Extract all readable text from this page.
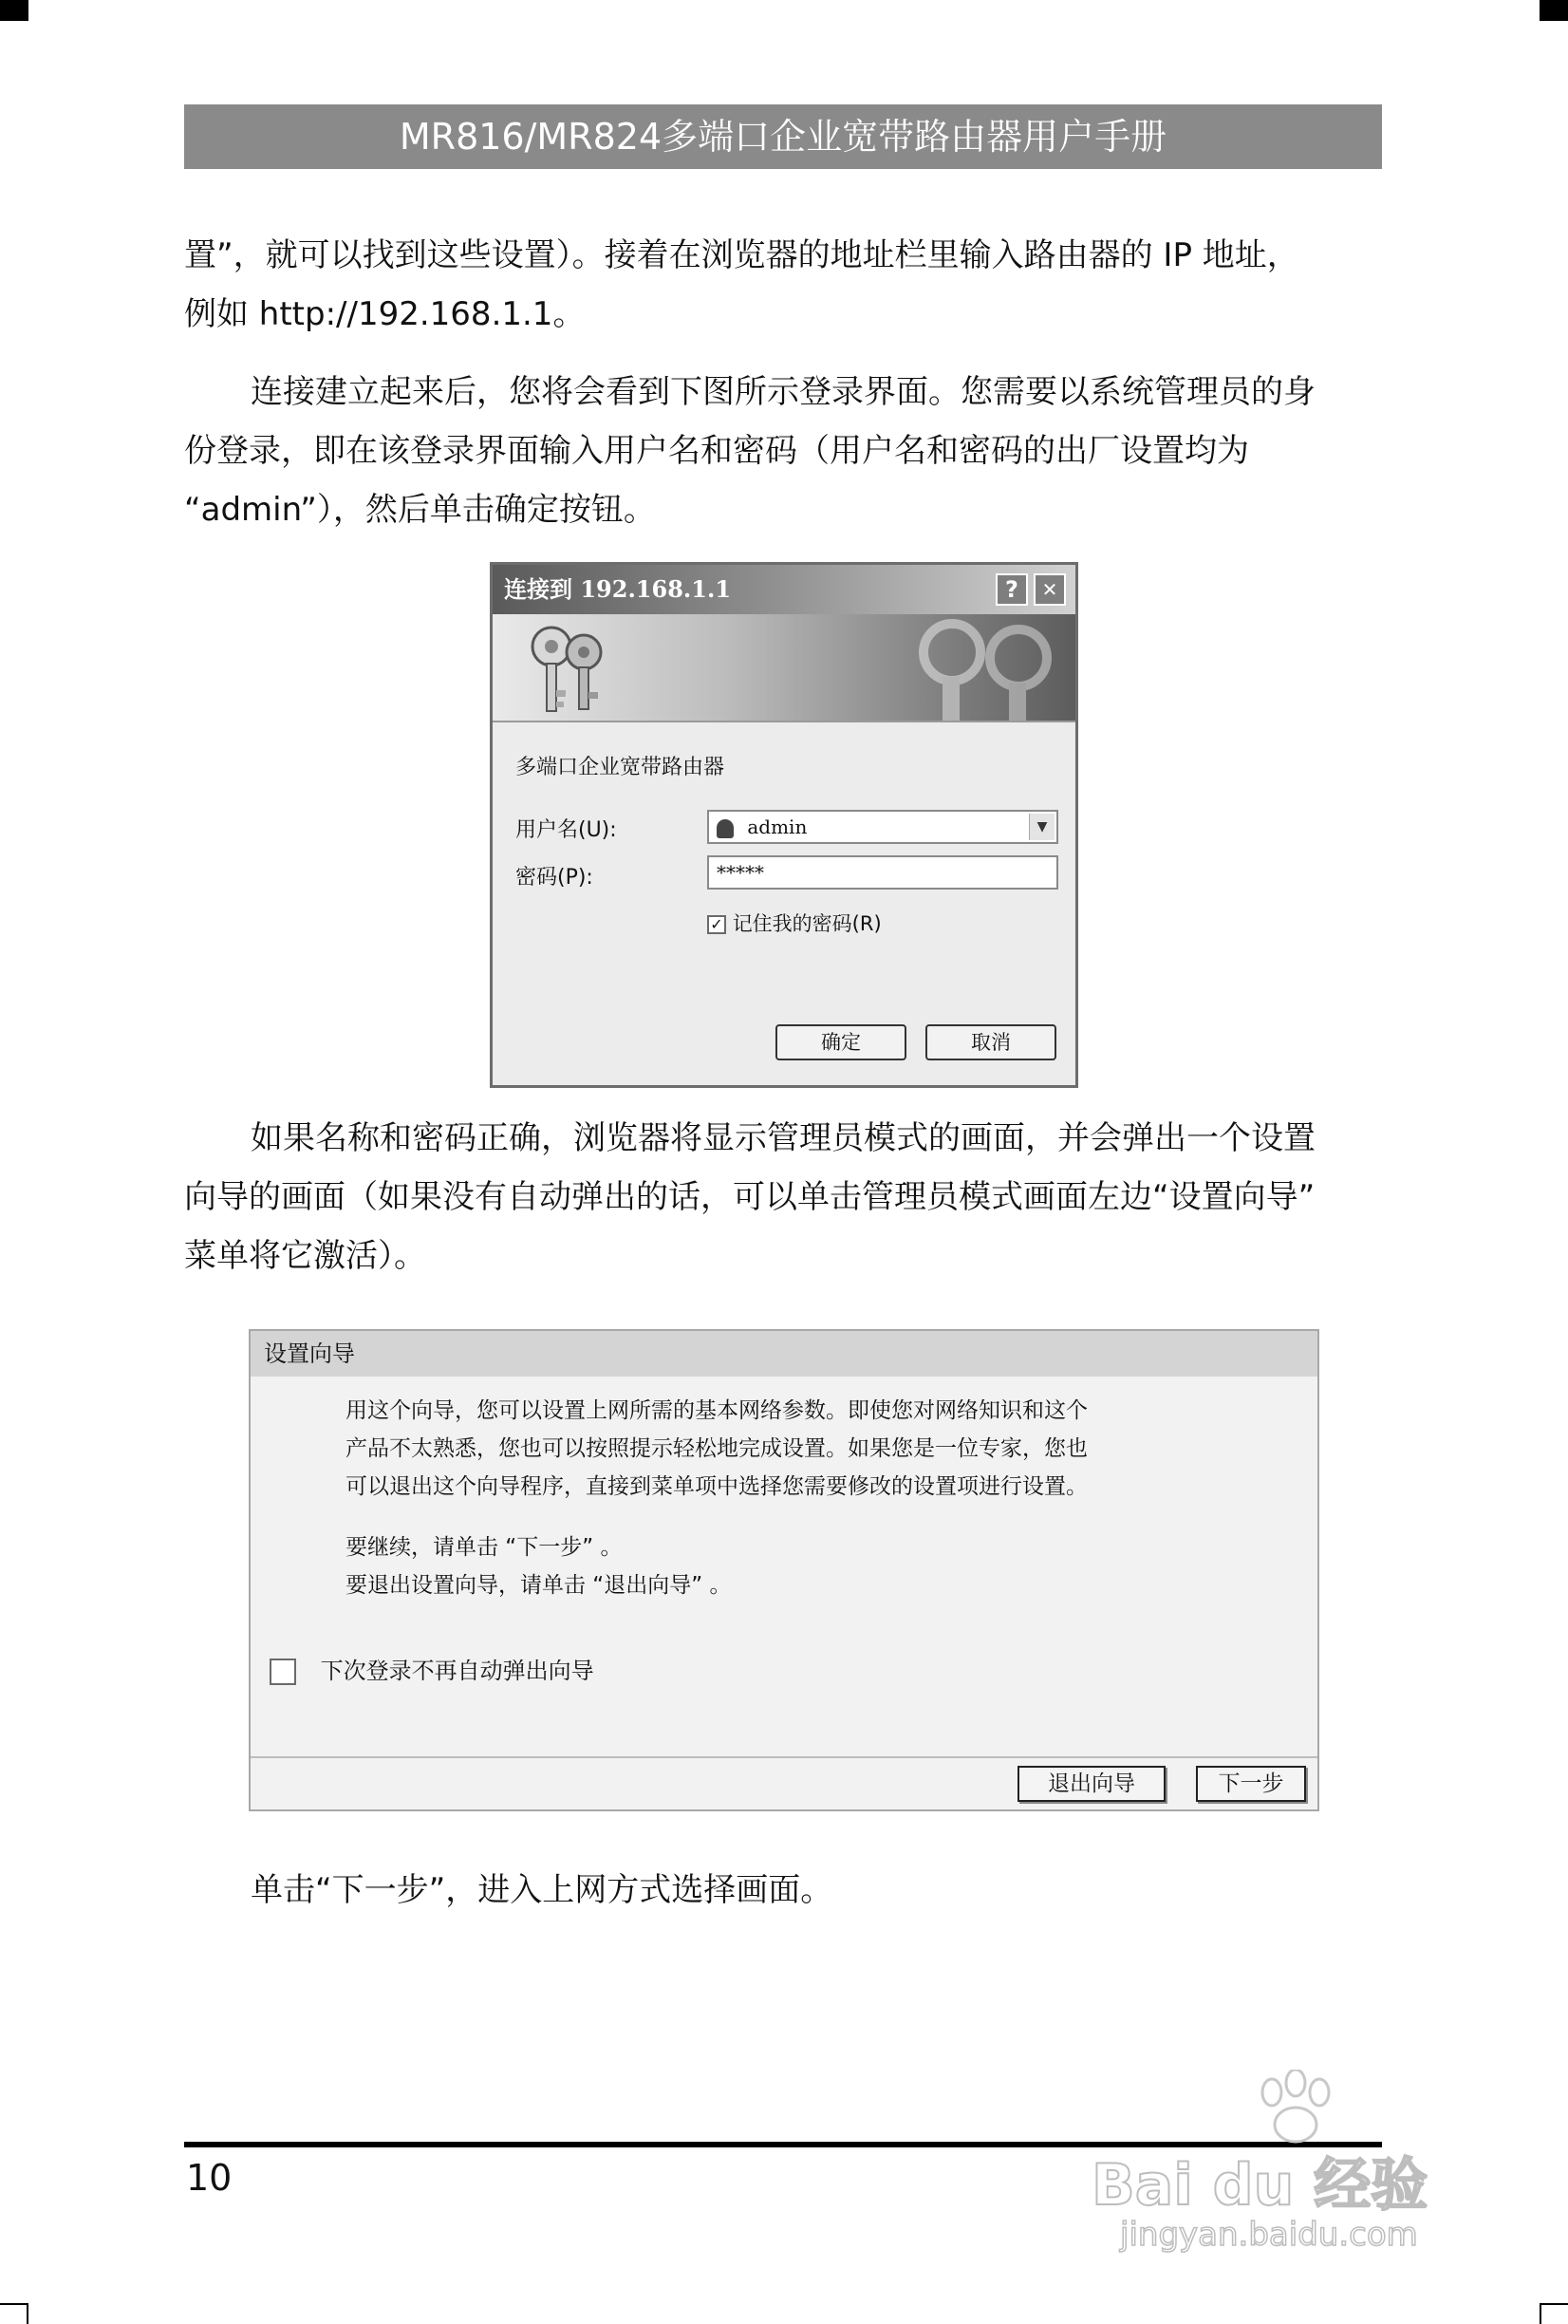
MR816/MR824多端口企业宽带路由器用户手册

置”，就可以找到这些设置）。接着在浏览器的地址栏里输入路由器的 IP 地址，

例如 http://192.168.1.1。

连接建立起来后，您将会看到下图所示登录界面。您需要以系统管理员的身

份登录，即在该登录界面输入用户名和密码（用户名和密码的出厂设置均为

“admin”），然后单击确定按钮。

连接到 192.168.1.1	?	✕
多端口企业宽带路由器
用户名(U):	admin	▼
密码(P):	*****
✓ 记住我的密码(R)
确定	取消

如果名称和密码正确，浏览器将显示管理员模式的画面，并会弹出一个设置

向导的画面（如果没有自动弹出的话，可以单击管理员模式画面左边“设置向导”

菜单将它激活）。

设置向导

用这个向导，您可以设置上网所需的基本网络参数。即使您对网络知识和这个

产品不太熟悉，您也可以按照提示轻松地完成设置。如果您是一位专家，您也

可以退出这个向导程序，直接到菜单项中选择您需要修改的设置项进行设置。

要继续，请单击 “下一步” 。

要退出设置向导，请单击 “退出向导” 。

下次登录不再自动弹出向导
退出向导	下一步

单击“下一步”，进入上网方式选择画面。

10	Bai du 经验
jingyan.baidu.com
